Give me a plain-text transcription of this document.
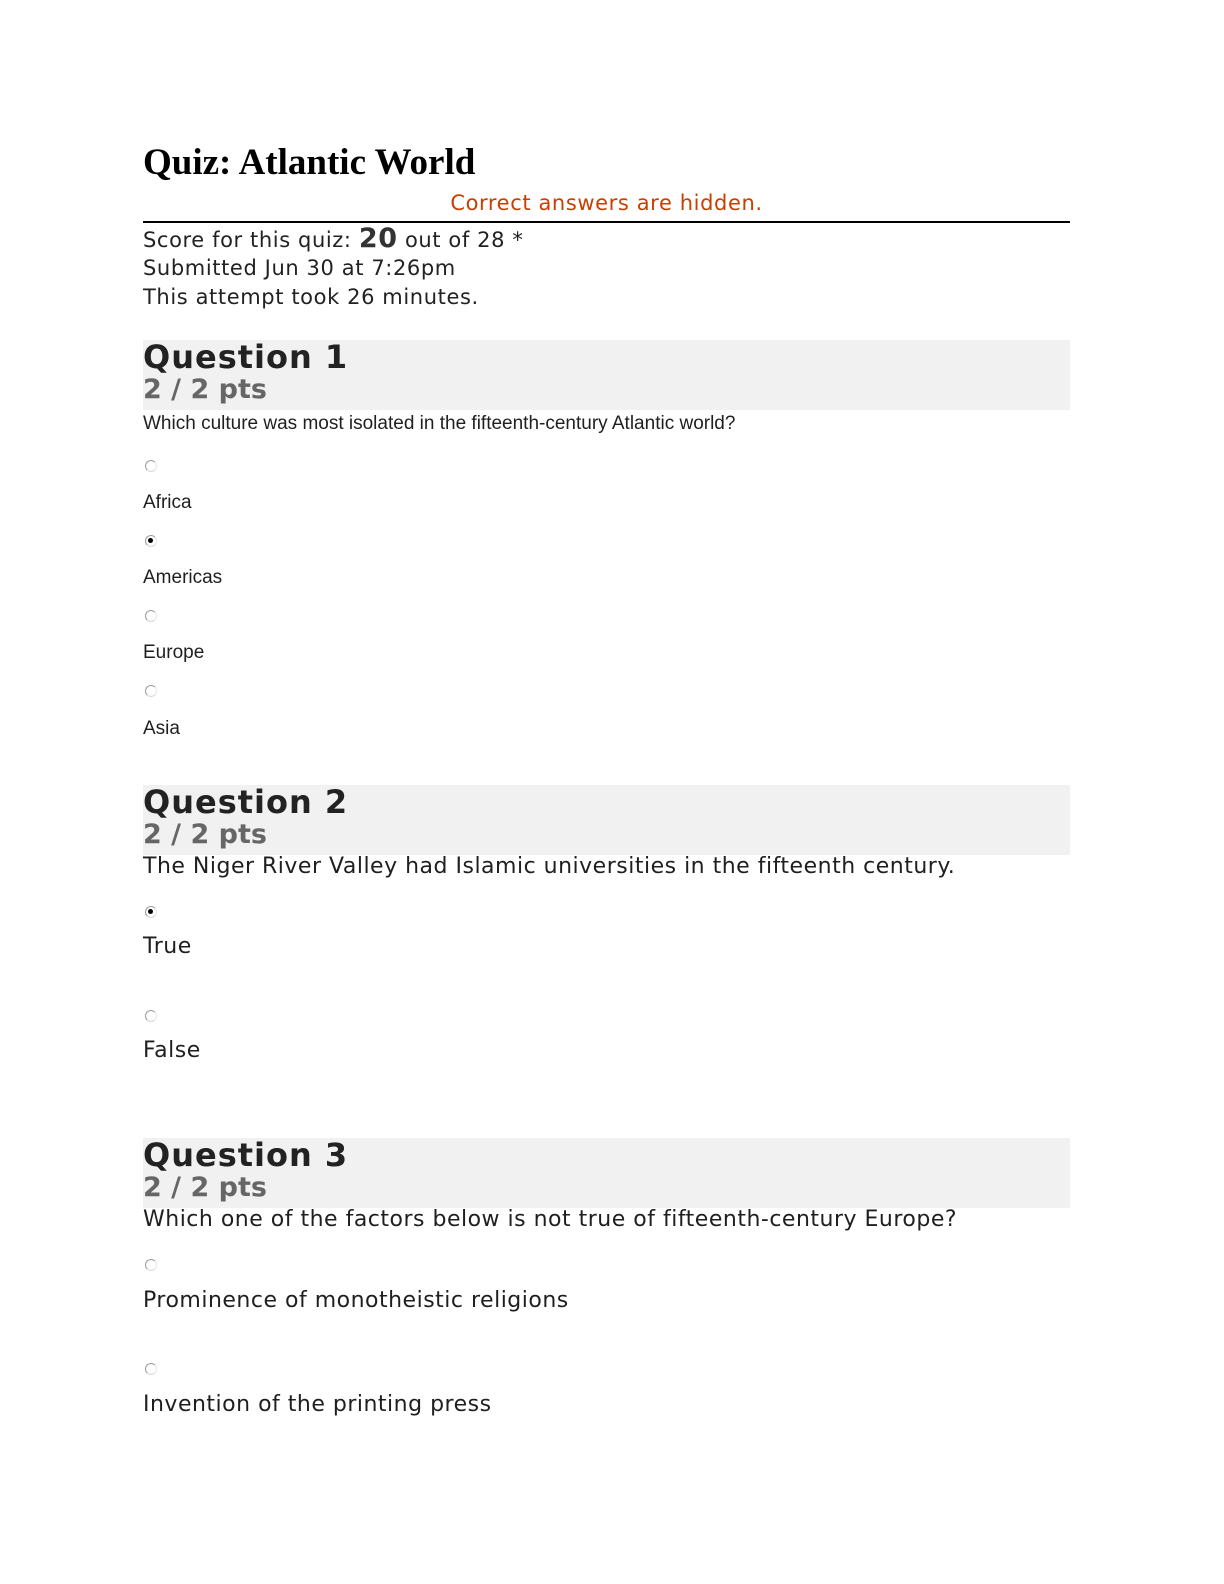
Quiz: Atlantic World
Correct answers are hidden.
Score for this quiz: 20 out of 28 *
Submitted Jun 30 at 7:26pm
This attempt took 26 minutes.
Question 1
2 / 2 pts
Which culture was most isolated in the fifteenth-century Atlantic world?
Africa
Americas
Europe
Asia
Question 2
2 / 2 pts
The Niger River Valley had Islamic universities in the fifteenth century.
True
False
Question 3
2 / 2 pts
Which one of the factors below is not true of fifteenth-century Europe?
Prominence of monotheistic religions
Invention of the printing press
